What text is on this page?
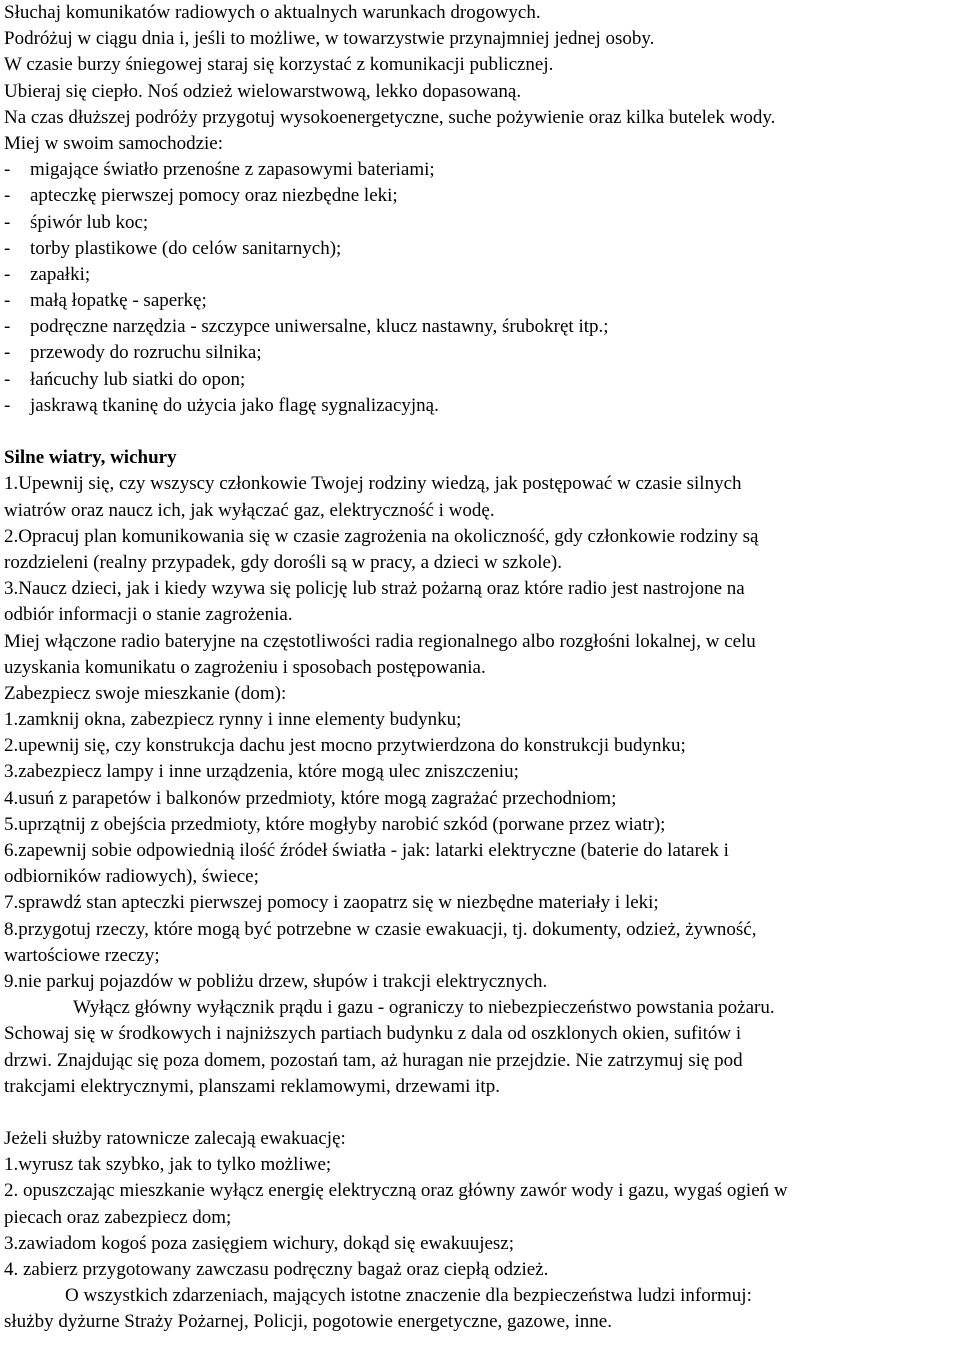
Słuchaj komunikatów radiowych o aktualnych warunkach drogowych.

Podróżuj w ciągu dnia i, jeśli to możliwe, w towarzystwie przynajmniej jednej osoby.

W czasie burzy śniegowej staraj się korzystać z komunikacji publicznej.

Ubieraj się ciepło. Noś odzież wielowarstwową, lekko dopasowaną.

Na czas dłuższej podróży przygotuj wysokoenergetyczne, suche pożywienie oraz kilka butelek wody.

Miej w swoim samochodzie:

- migające światło przenośne z zapasowymi bateriami;

- apteczkę pierwszej pomocy oraz niezbędne leki;

- śpiwór lub koc;

- torby plastikowe (do celów sanitarnych);

- zapałki;

- małą łopatkę - saperkę;

- podręczne narzędzia - szczypce uniwersalne, klucz nastawny, śrubokręt itp.;

- przewody do rozruchu silnika;

- łańcuchy lub siatki do opon;

- jaskrawą tkaninę do użycia jako flagę sygnalizacyjną.

Silne wiatry, wichury

1.Upewnij się, czy wszyscy członkowie Twojej rodziny wiedzą, jak postępować w czasie silnych

wiatrów oraz naucz ich, jak wyłączać gaz, elektryczność i wodę.

2.Opracuj plan komunikowania się w czasie zagrożenia na okoliczność, gdy członkowie rodziny są

rozdzieleni (realny przypadek, gdy dorośli są w pracy, a dzieci w szkole).

3.Naucz dzieci, jak i kiedy wzywa się policję lub straż pożarną oraz które radio jest nastrojone na

odbiór informacji o stanie zagrożenia.

Miej włączone radio bateryjne na częstotliwości radia regionalnego albo rozgłośni lokalnej, w celu

uzyskania komunikatu o zagrożeniu i sposobach postępowania.

Zabezpiecz swoje mieszkanie (dom):

1.zamknij okna, zabezpiecz rynny i inne elementy budynku;

2.upewnij się, czy konstrukcja dachu jest mocno przytwierdzona do konstrukcji budynku;

3.zabezpiecz lampy i inne urządzenia, które mogą ulec zniszczeniu;

4.usuń z parapetów i balkonów przedmioty, które mogą zagrażać przechodniom;

5.uprzątnij z obejścia przedmioty, które mogłyby narobić szkód (porwane przez wiatr);

6.zapewnij sobie odpowiednią ilość źródeł światła - jak: latarki elektryczne (baterie do latarek i

odbiorników radiowych), świece;

7.sprawdź stan apteczki pierwszej pomocy i zaopatrz się w niezbędne materiały i leki;

8.przygotuj rzeczy, które mogą być potrzebne w czasie ewakuacji, tj. dokumenty, odzież, żywność,

wartościowe rzeczy;

9.nie parkuj pojazdów w pobliżu drzew, słupów i trakcji elektrycznych.

Wyłącz główny wyłącznik prądu i gazu - ograniczy to niebezpieczeństwo powstania pożaru.

Schowaj się w środkowych i najniższych partiach budynku z dala od oszklonych okien, sufitów i

drzwi. Znajdując się poza domem, pozostań tam, aż huragan nie przejdzie. Nie zatrzymuj się pod

trakcjami elektrycznymi, planszami reklamowymi, drzewami itp.

Jeżeli służby ratownicze zalecają ewakuację:

1.wyrusz tak szybko, jak to tylko możliwe;

2. opuszczając mieszkanie wyłącz energię elektryczną oraz główny zawór wody i gazu, wygaś ogień w

piecach oraz zabezpiecz dom;

3.zawiadom kogoś poza zasięgiem wichury, dokąd się ewakuujesz;

4. zabierz przygotowany zawczasu podręczny bagaż oraz ciepłą odzież.

O wszystkich zdarzeniach, mających istotne znaczenie dla bezpieczeństwa ludzi informuj:

służby dyżurne Straży Pożarnej, Policji, pogotowie energetyczne, gazowe, inne.
